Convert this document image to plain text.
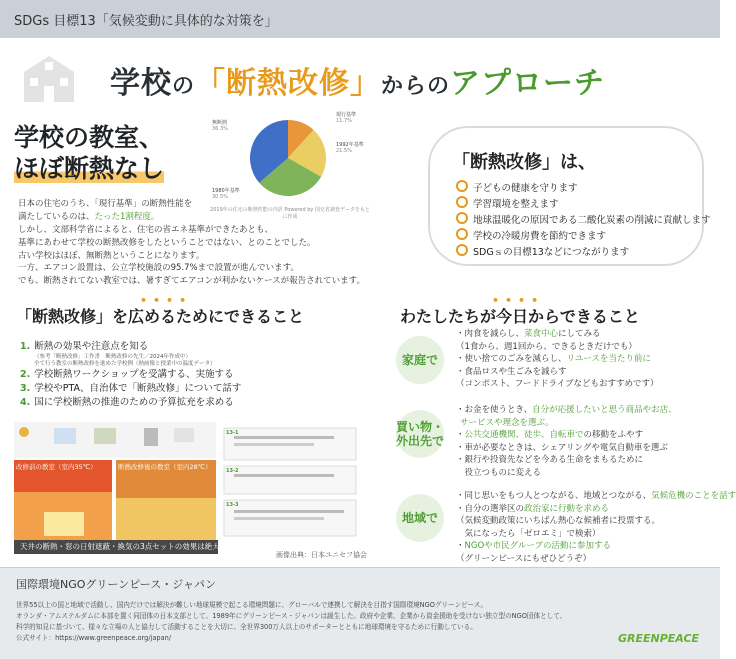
SDGs 目標13「気候変動に具体的な対策を」
学校の「断熱改修」からのアプローチ
学校の教室、
ほぼ断熱なし
日本の住宅のうち、「現行基準」の断熱性能を
満たしているのは、たった1割程度。
しかし、文部科学省によると、住宅の省エネ基準ができたあとも、
基準にあわせて学校の断熱改修をしたということではない、とのことでした。
古い学校はほぼ、無断熱ということになります。
一方、エアコン設置は、公立学校施設の95.7%まで設置が進んでいます。
でも、断熱されてない教室では、暑すぎてエアコンが利かないケースが報告されています。
無断熱
36.3%
1992年基準
21.5%
1980年基準
30.5%
現行基準
11.7%
2019年の住宅の断熱性能の内訳 Powered by 国交省調査データをもとに作成
「断熱改修」は、
子どもの健康を守ります
学習環境を整えます
地球温暖化の原因である二酸化炭素の削減に貢献します
学校の冷暖房費を節約できます
SDGｓの目標13などにつながります
••••
「断熱改修」を広めるためにできること
1. 断熱の効果や注意点を知る
（参考「断熱改修」工作書　断熱改修の先生／2024年作成中）
全て行う教室の断熱改修を進めた学校例（熱画像と授業中の温度データ）
2. 学校断熱ワークショップを受講する、実施する
3. 学校やPTA、自治体で「断熱改修」について話す
4. 国に学校断熱の推進のための予算拡充を求める
改修前の教室（室内35℃）	断熱改修後の教室（室内28℃）
13-1
13-2
13-3
天井の断熱・窓の日射遮蔽・換気の3点セットの効果は絶大です！
画像出典：日本ユニセフ協会
••••
わたしたちが今日からできること
家庭で
・肉食を減らし、菜食中心にしてみる
（1食から、週1回から、できるときだけでも）
・使い捨てのごみを減らし、リユースを当たり前に
・食品ロスや生ごみを減らす
（コンポスト、フードドライブなどもおすすめです）
買い物・
外出先で
・お金を使うとき、自分が応援したいと思う商品やお店、
サービスや理念を選ぶ。
・公共交通機関、徒歩、自転車での移動をふやす
・車が必要なときは、シェアリングや電気自動車を選ぶ
・銀行や投資先などを今ある生命をまもるために
　役立つものに変える
地域で
・同じ思いをもつ人とつながる、地域とつながる、気候危機のことを話す
・自分の選挙区の政治家に行動を求める
（気候変動政策にいちばん熱心な候補者に投票する。
　気になったら「ゼロエミ」で検索）
・NGOや市民グループの活動に参加する
（グリーンピースにもぜひどうぞ）
国際環境NGOグリーンピース・ジャパン
世界55以上の国と地域で活動し、国内だけでは解決が難しい地球規模で起こる環境問題に、グローバルで連携して解決を目指す国際環境NGOグリーンピース。
オランダ・アムステルダムに本部を置く同団体の日本支部として、1989年にグリーンピース・ジャパンは誕生した。政府や企業、企業から資金援助を受けない独立型のNGO団体として、
科学的知見に基づいて、様々な立場の人と協力して活動することを大切に、全世界300万人以上のサポーターとともに地球環境を守るために行動している。
公式サイト：https://www.greenpeace.org/japan/	GREENPEACE
